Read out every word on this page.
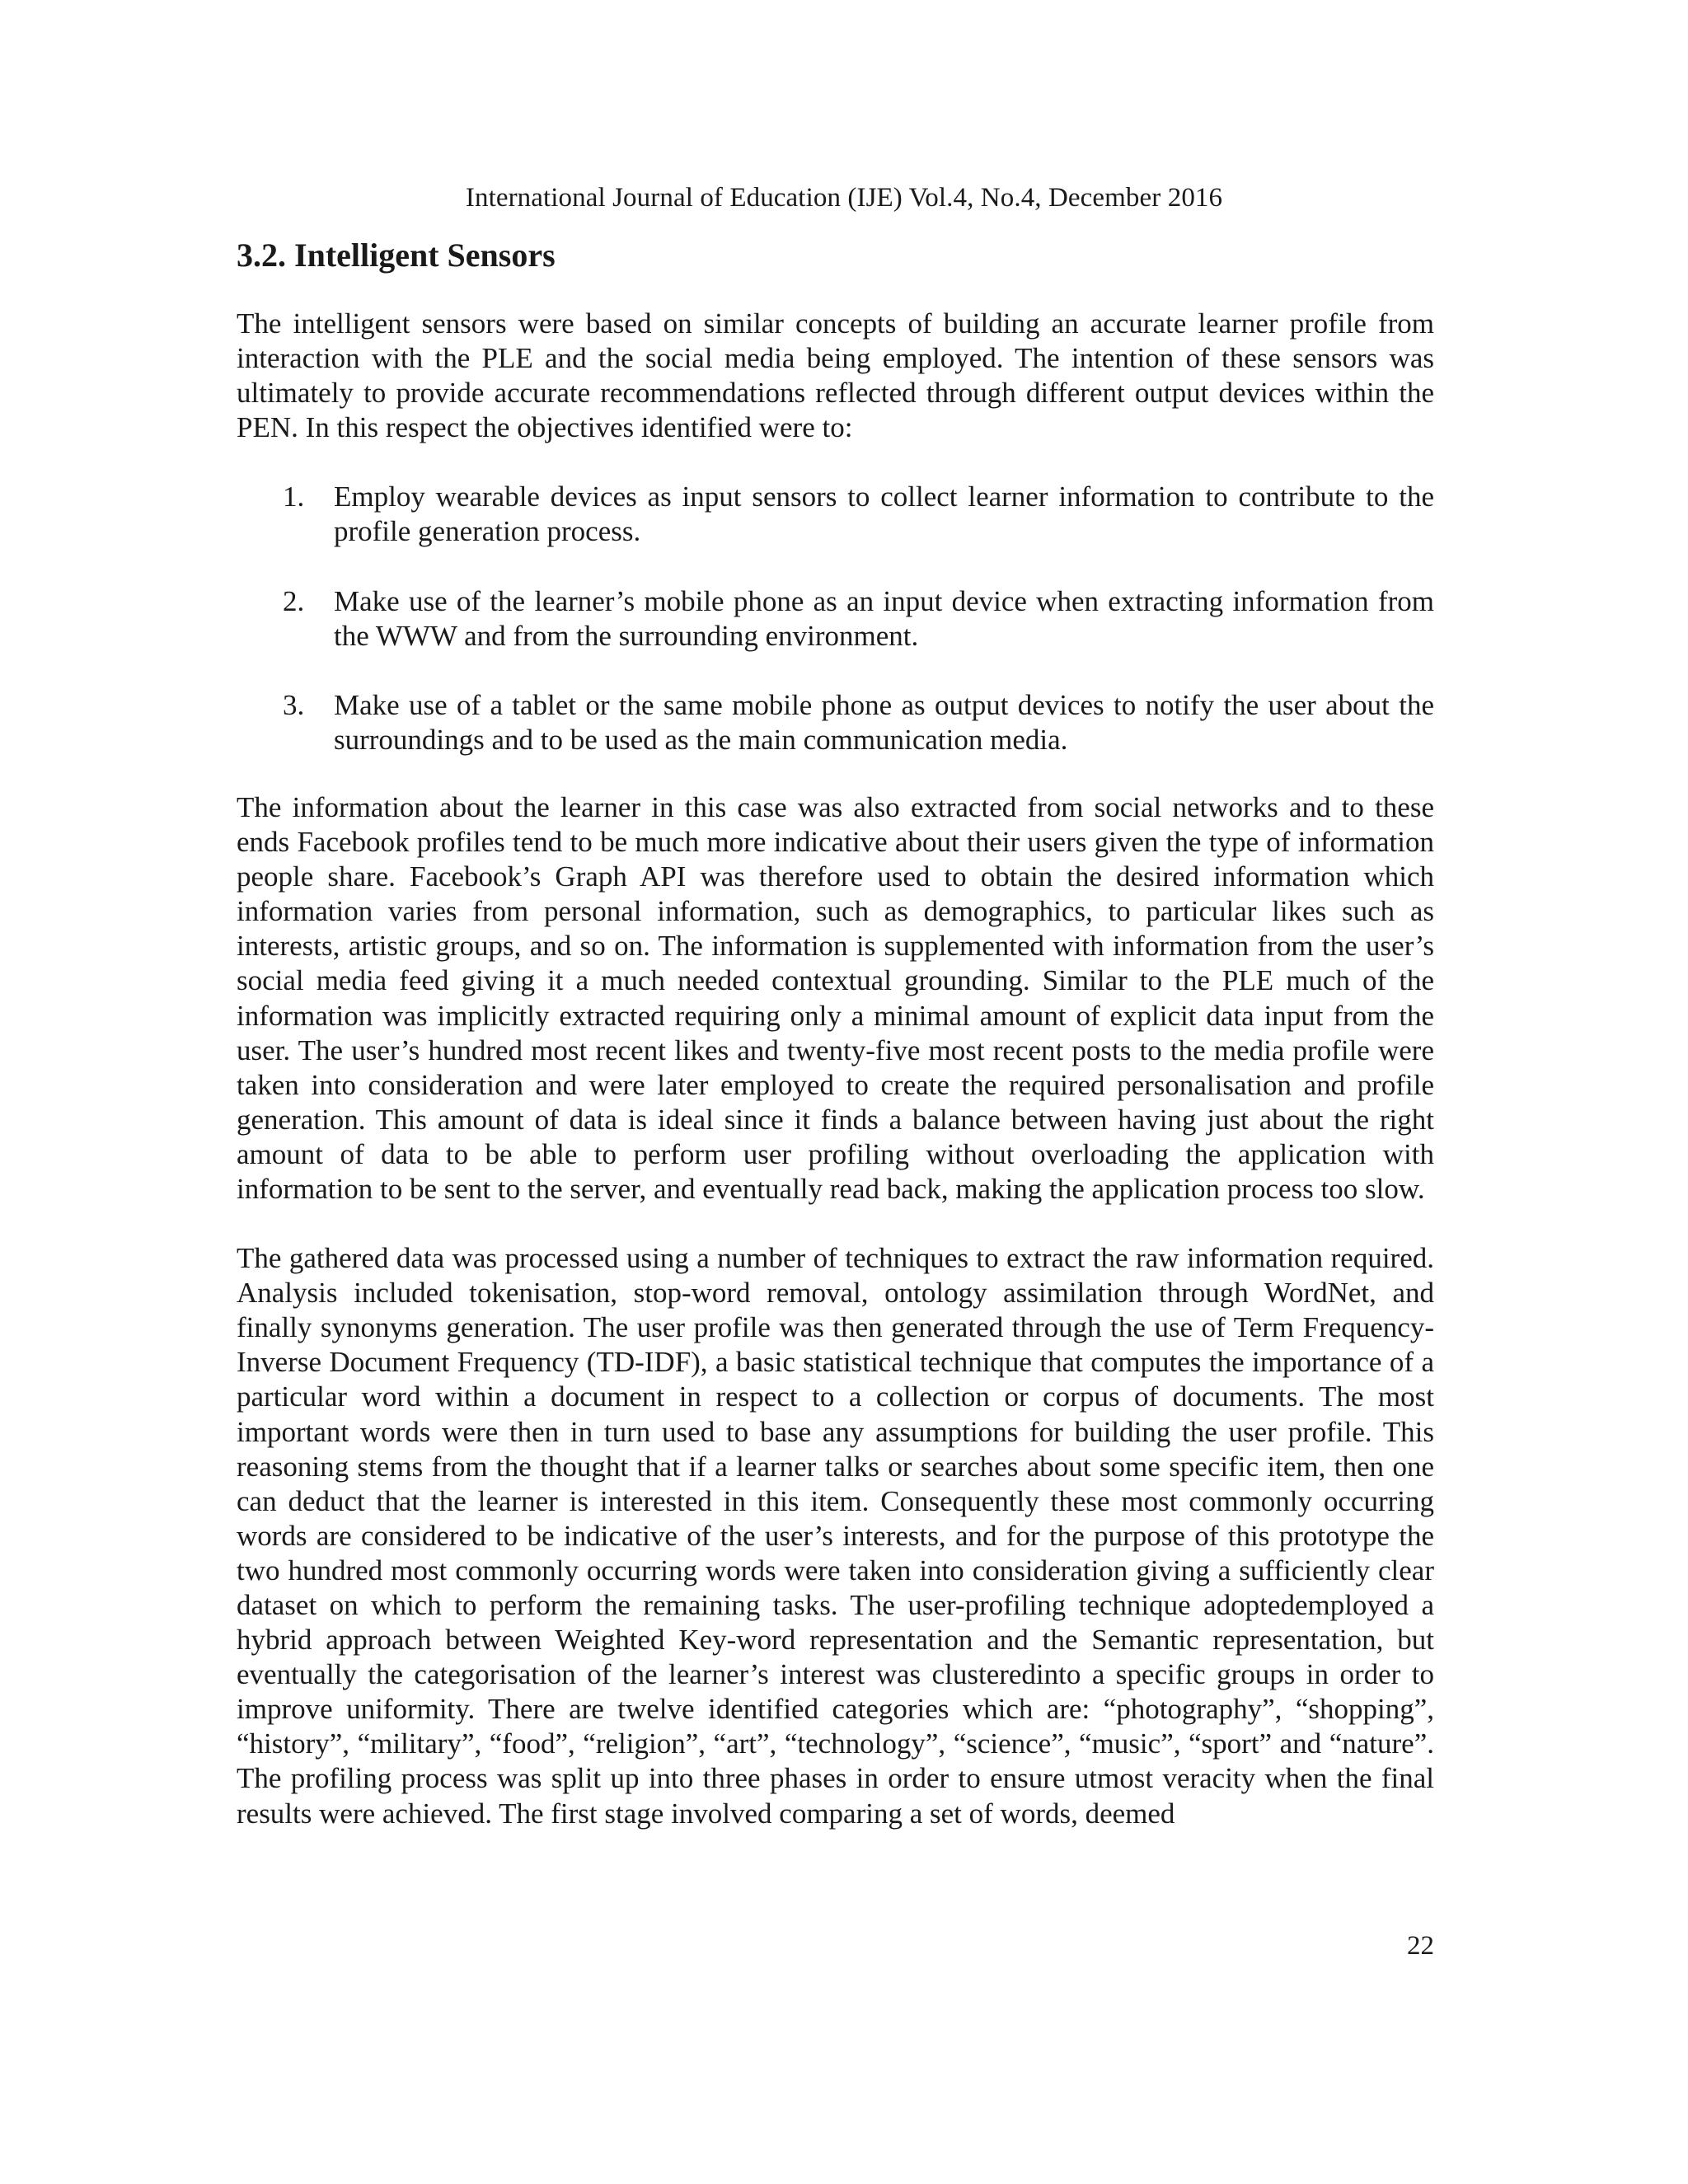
International Journal of Education (IJE) Vol.4, No.4, December 2016
3.2. Intelligent Sensors

The intelligent sensors were based on similar concepts of building an accurate learner profile from interaction with the PLE and the social media being employed. The intention of these sensors was ultimately to provide accurate recommendations reflected through different output devices within the PEN. In this respect the objectives identified were to:

1. Employ wearable devices as input sensors to collect learner information to contribute to the profile generation process.
2. Make use of the learner’s mobile phone as an input device when extracting information from the WWW and from the surrounding environment.
3. Make use of a tablet or the same mobile phone as output devices to notify the user about the surroundings and to be used as the main communication media.

The information about the learner in this case was also extracted from social networks and to these ends Facebook profiles tend to be much more indicative about their users given the type of information people share. Facebook’s Graph API was therefore used to obtain the desired information which information varies from personal information, such as demographics, to particular likes such as interests, artistic groups, and so on. The information is supplemented with information from the user’s social media feed giving it a much needed contextual grounding. Similar to the PLE much of the information was implicitly extracted requiring only a minimal amount of explicit data input from the user. The user’s hundred most recent likes and twenty-five most recent posts to the media profile were taken into consideration and were later employed to create the required personalisation and profile generation. This amount of data is ideal since it finds a balance between having just about the right amount of data to be able to perform user profiling without overloading the application with information to be sent to the server, and eventually read back, making the application process too slow.

The gathered data was processed using a number of techniques to extract the raw information required. Analysis included tokenisation, stop-word removal, ontology assimilation through WordNet, and finally synonyms generation. The user profile was then generated through the use of Term Frequency-Inverse Document Frequency (TD-IDF), a basic statistical technique that computes the importance of a particular word within a document in respect to a collection or corpus of documents. The most important words were then in turn used to base any assumptions for building the user profile. This reasoning stems from the thought that if a learner talks or searches about some specific item, then one can deduct that the learner is interested in this item. Consequently these most commonly occurring words are considered to be indicative of the user’s interests, and for the purpose of this prototype the two hundred most commonly occurring words were taken into consideration giving a sufficiently clear dataset on which to perform the remaining tasks. The user-profiling technique adoptedemployed a hybrid approach between Weighted Key-word representation and the Semantic representation, but eventually the categorisation of the learner’s interest was clusteredinto a specific groups in order to improve uniformity. There are twelve identified categories which are: “photography”, “shopping”, “history”, “military”, “food”, “religion”, “art”, “technology”, “science”, “music”, “sport” and “nature”. The profiling process was split up into three phases in order to ensure utmost veracity when the final results were achieved. The first stage involved comparing a set of words, deemed

22
